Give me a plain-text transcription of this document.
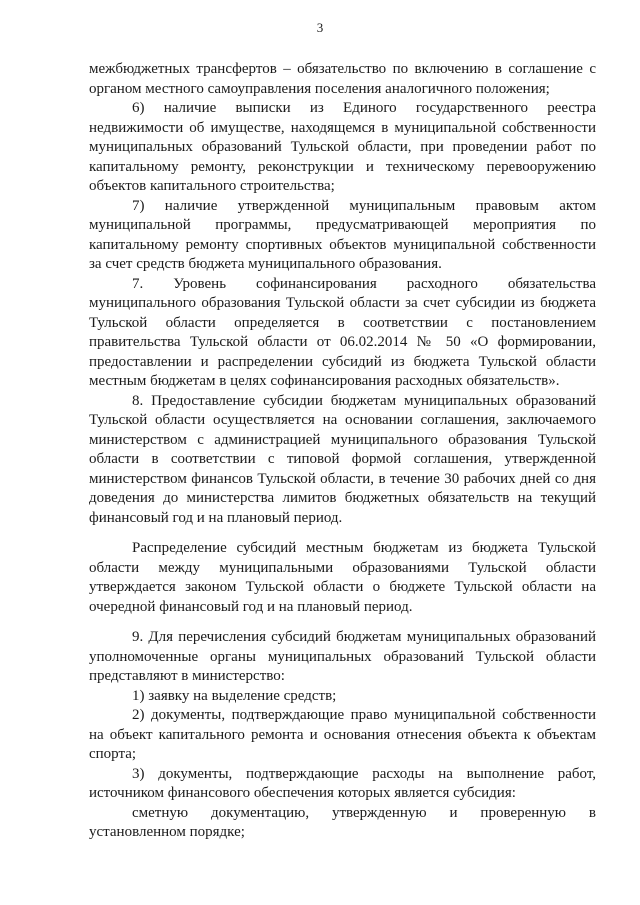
3

межбюджетных трансфертов – обязательство по включению в соглашение с органом местного самоуправления поселения аналогичного положения;

6) наличие выписки из Единого государственного реестра недвижимости об имуществе, находящемся в муниципальной собственности муниципальных образований Тульской области, при проведении работ по капитальному ремонту, реконструкции и техническому перевооружению объектов капитального строительства;

7) наличие утвержденной муниципальным правовым актом муниципальной программы, предусматривающей мероприятия по капитальному ремонту спортивных объектов муниципальной собственности за счет средств бюджета муниципального образования.

7. Уровень софинансирования расходного обязательства муниципального образования Тульской области за счет субсидии из бюджета Тульской области определяется в соответствии с постановлением правительства Тульской области от 06.02.2014 № 50 «О формировании, предоставлении и распределении субсидий из бюджета Тульской области местным бюджетам в целях софинансирования расходных обязательств».

8. Предоставление субсидии бюджетам муниципальных образований Тульской области осуществляется на основании соглашения, заключаемого министерством с администрацией муниципального образования Тульской области в соответствии с типовой формой соглашения, утвержденной министерством финансов Тульской области, в течение 30 рабочих дней со дня доведения до министерства лимитов бюджетных обязательств на текущий финансовый год и на плановый период.

Распределение субсидий местным бюджетам из бюджета Тульской области между муниципальными образованиями Тульской области утверждается законом Тульской области о бюджете Тульской области на очередной финансовый год и на плановый период.

9. Для перечисления субсидий бюджетам муниципальных образований уполномоченные органы муниципальных образований Тульской области представляют в министерство:

1) заявку на выделение средств;

2) документы, подтверждающие право муниципальной собственности на объект капитального ремонта и основания отнесения объекта к объектам спорта;

3) документы, подтверждающие расходы на выполнение работ, источником финансового обеспечения которых является субсидия:

сметную документацию, утвержденную и проверенную в установленном порядке;
